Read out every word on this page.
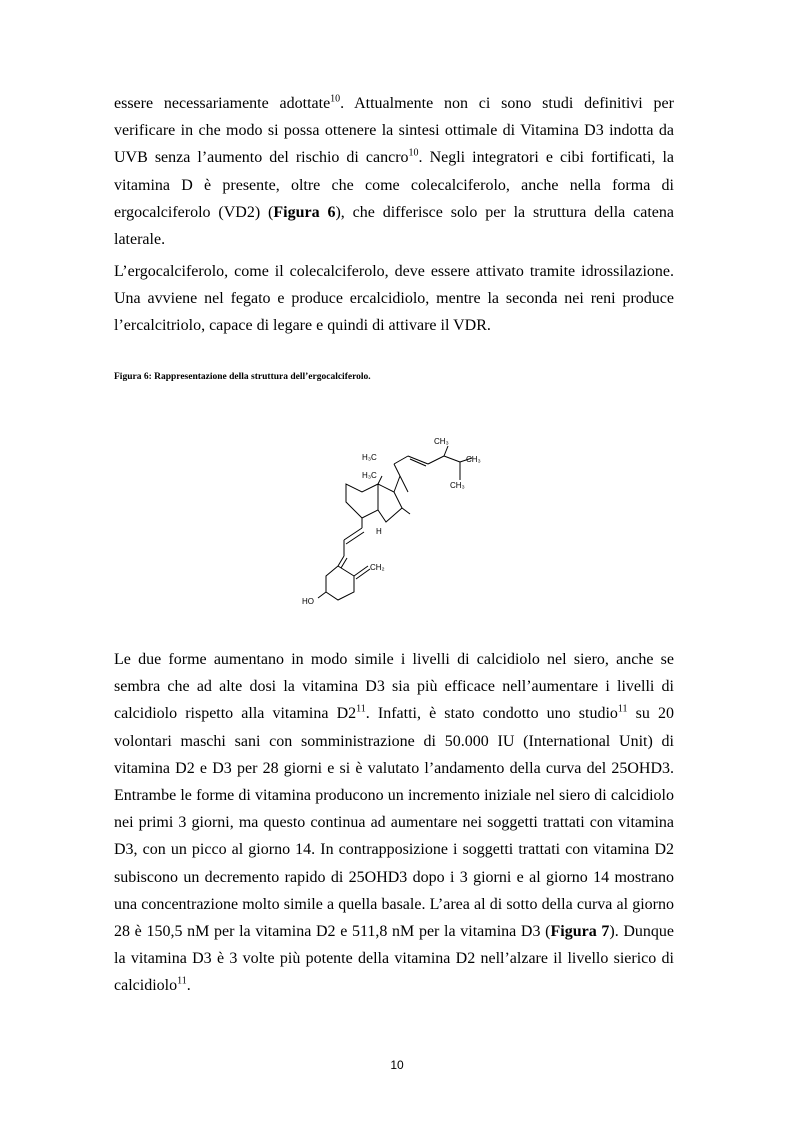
essere necessariamente adottate$^{10}$. Attualmente non ci sono studi definitivi per verificare in che modo si possa ottenere la sintesi ottimale di Vitamina D3 indotta da UVB senza l’aumento del rischio di cancro$^{10}$. Negli integratori e cibi fortificati, la vitamina D è presente, oltre che come colecalciferolo, anche nella forma di ergocalciferolo (VD2) (Figura 6), che differisce solo per la struttura della catena laterale.

L’ergocalciferolo, come il colecalciferolo, deve essere attivato tramite idrossilazione. Una avviene nel fegato e produce ercalcidiolo, mentre la seconda nei reni produce l’ercalcitriolo, capace di legare e quindi di attivare il VDR.

Figura 6: Rappresentazione della struttura dell’ergocalciferolo.

H₃C
CH₃
CH₃
CH₃
H₃C
H
CH₂
HO

Le due forme aumentano in modo simile i livelli di calcidiolo nel siero, anche se sembra che ad alte dosi la vitamina D3 sia più efficace nell’aumentare i livelli di calcidiolo rispetto alla vitamina $D2^{11}$. Infatti, è stato condotto uno studio$^{11}$ su 20 volontari maschi sani con somministrazione di 50.000 IU (International Unit) di vitamina D2 e D3 per 28 giorni e si è valutato l’andamento della curva del 25OHD3. Entrambe le forme di vitamina producono un incremento iniziale nel siero di calcidiolo nei primi 3 giorni, ma questo continua ad aumentare nei soggetti trattati con vitamina D3, con un picco al giorno 14. In contrapposizione i soggetti trattati con vitamina D2 subiscono un decremento rapido di 25OHD3 dopo i 3 giorni e al giorno 14 mostrano una concentrazione molto simile a quella basale. L’area al di sotto della curva al giorno 28 è 150,5 nM per la vitamina D2 e 511,8 nM per la vitamina D3 (Figura 7). Dunque la vitamina D3 è 3 volte più potente della vitamina D2 nell’alzare il livello sierico di calcidiolo$^{11}$.

10
